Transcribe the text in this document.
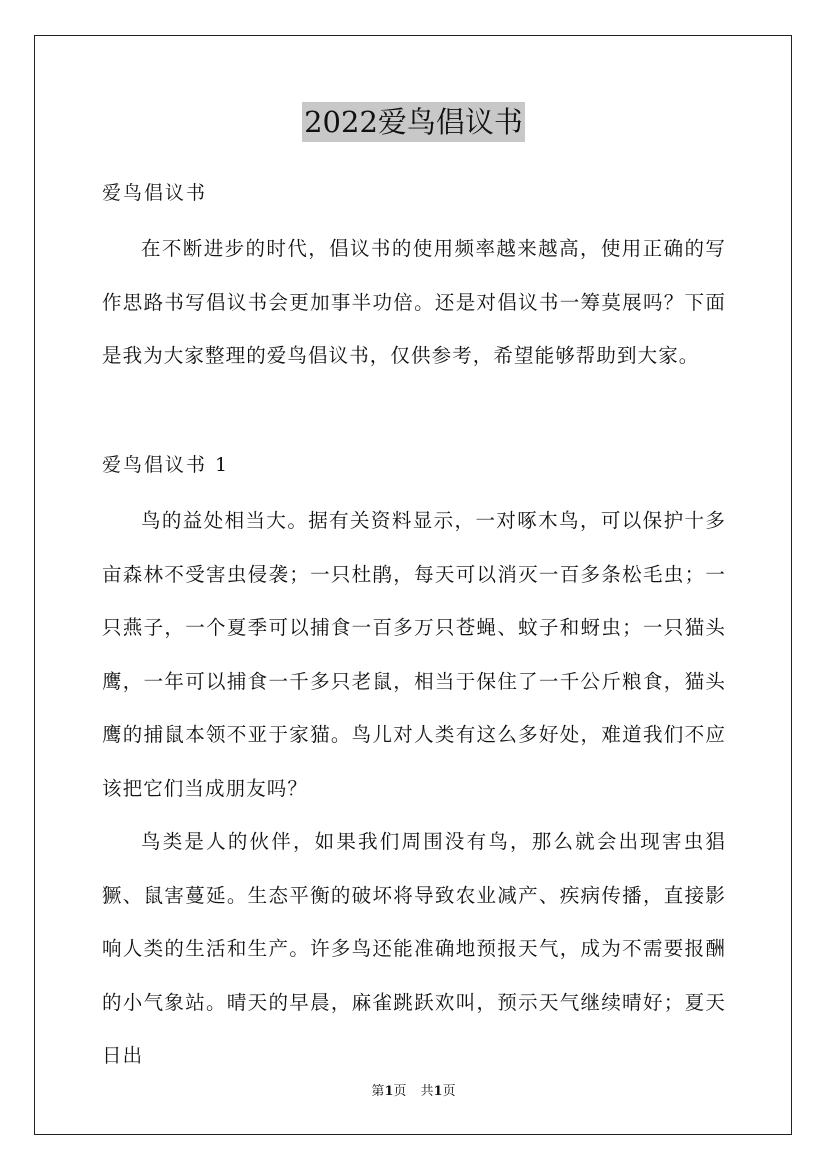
2022爱鸟倡议书
爱鸟倡议书

在不断进步的时代，倡议书的使用频率越来越高，使用正确的写作思路书写倡议书会更加事半功倍。还是对倡议书一筹莫展吗？下面是我为大家整理的爱鸟倡议书，仅供参考，希望能够帮助到大家。

爱鸟倡议书 1

鸟的益处相当大。据有关资料显示，一对啄木鸟，可以保护十多亩森林不受害虫侵袭；一只杜鹃，每天可以消灭一百多条松毛虫；一只燕子，一个夏季可以捕食一百多万只苍蝇、蚊子和蚜虫；一只猫头鹰，一年可以捕食一千多只老鼠，相当于保住了一千公斤粮食，猫头鹰的捕鼠本领不亚于家猫。鸟儿对人类有这么多好处，难道我们不应该把它们当成朋友吗？

鸟类是人的伙伴，如果我们周围没有鸟，那么就会出现害虫猖獗、鼠害蔓延。生态平衡的破坏将导致农业减产、疾病传播，直接影响人类的生活和生产。许多鸟还能准确地预报天气，成为不需要报酬的小气象站。晴天的早晨，麻雀跳跃欢叫，预示天气继续晴好；夏天日出

第1页 共1页
